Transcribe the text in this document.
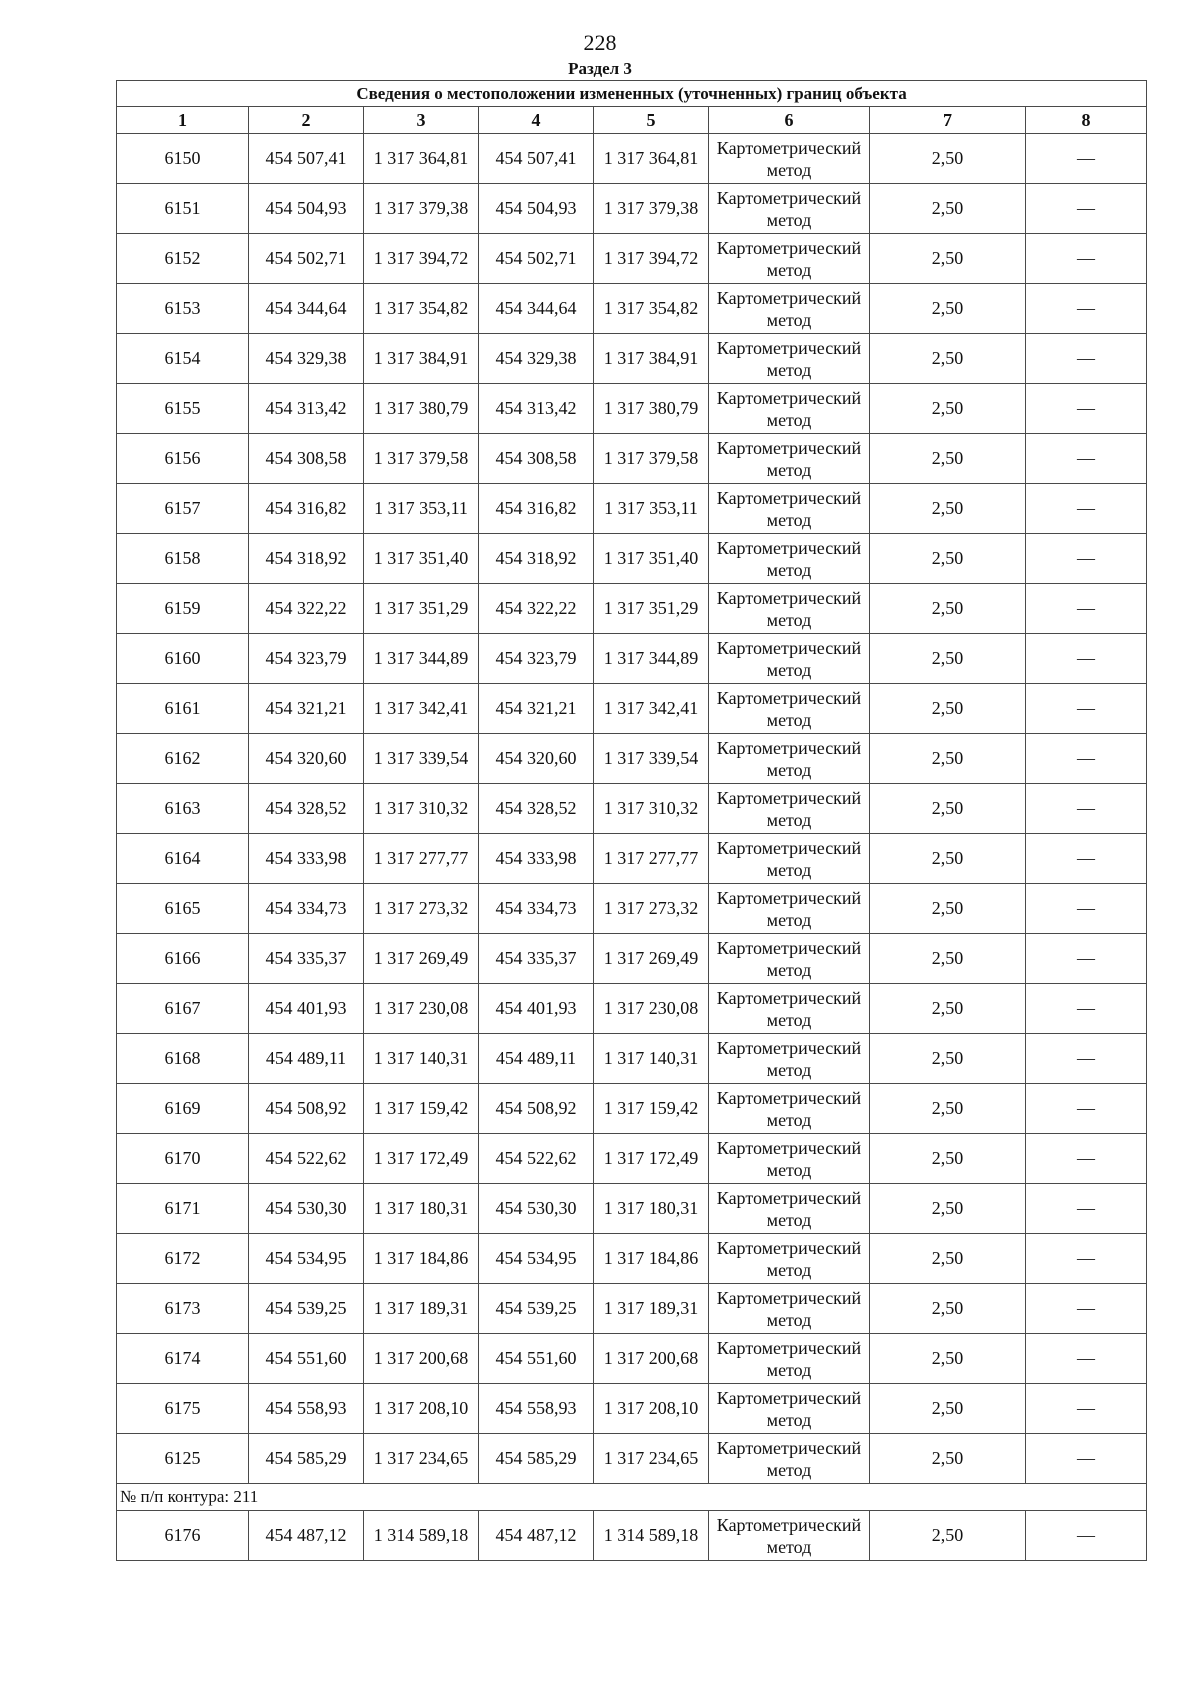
228
Раздел 3
Сведения о местоположении измененных (уточненных) границ объекта							
1	2	3	4	5	6	7	8
6150	454 507,41	1 317 364,81	454 507,41	1 317 364,81	Картометрический метод	2,50	—
6151	454 504,93	1 317 379,38	454 504,93	1 317 379,38	Картометрический метод	2,50	—
6152	454 502,71	1 317 394,72	454 502,71	1 317 394,72	Картометрический метод	2,50	—
6153	454 344,64	1 317 354,82	454 344,64	1 317 354,82	Картометрический метод	2,50	—
6154	454 329,38	1 317 384,91	454 329,38	1 317 384,91	Картометрический метод	2,50	—
6155	454 313,42	1 317 380,79	454 313,42	1 317 380,79	Картометрический метод	2,50	—
6156	454 308,58	1 317 379,58	454 308,58	1 317 379,58	Картометрический метод	2,50	—
6157	454 316,82	1 317 353,11	454 316,82	1 317 353,11	Картометрический метод	2,50	—
6158	454 318,92	1 317 351,40	454 318,92	1 317 351,40	Картометрический метод	2,50	—
6159	454 322,22	1 317 351,29	454 322,22	1 317 351,29	Картометрический метод	2,50	—
6160	454 323,79	1 317 344,89	454 323,79	1 317 344,89	Картометрический метод	2,50	—
6161	454 321,21	1 317 342,41	454 321,21	1 317 342,41	Картометрический метод	2,50	—
6162	454 320,60	1 317 339,54	454 320,60	1 317 339,54	Картометрический метод	2,50	—
6163	454 328,52	1 317 310,32	454 328,52	1 317 310,32	Картометрический метод	2,50	—
6164	454 333,98	1 317 277,77	454 333,98	1 317 277,77	Картометрический метод	2,50	—
6165	454 334,73	1 317 273,32	454 334,73	1 317 273,32	Картометрический метод	2,50	—
6166	454 335,37	1 317 269,49	454 335,37	1 317 269,49	Картометрический метод	2,50	—
6167	454 401,93	1 317 230,08	454 401,93	1 317 230,08	Картометрический метод	2,50	—
6168	454 489,11	1 317 140,31	454 489,11	1 317 140,31	Картометрический метод	2,50	—
6169	454 508,92	1 317 159,42	454 508,92	1 317 159,42	Картометрический метод	2,50	—
6170	454 522,62	1 317 172,49	454 522,62	1 317 172,49	Картометрический метод	2,50	—
6171	454 530,30	1 317 180,31	454 530,30	1 317 180,31	Картометрический метод	2,50	—
6172	454 534,95	1 317 184,86	454 534,95	1 317 184,86	Картометрический метод	2,50	—
6173	454 539,25	1 317 189,31	454 539,25	1 317 189,31	Картометрический метод	2,50	—
6174	454 551,60	1 317 200,68	454 551,60	1 317 200,68	Картометрический метод	2,50	—
6175	454 558,93	1 317 208,10	454 558,93	1 317 208,10	Картометрический метод	2,50	—
6125	454 585,29	1 317 234,65	454 585,29	1 317 234,65	Картометрический метод	2,50	—
№ п/п контура: 211							
6176	454 487,12	1 314 589,18	454 487,12	1 314 589,18	Картометрический метод	2,50	—
